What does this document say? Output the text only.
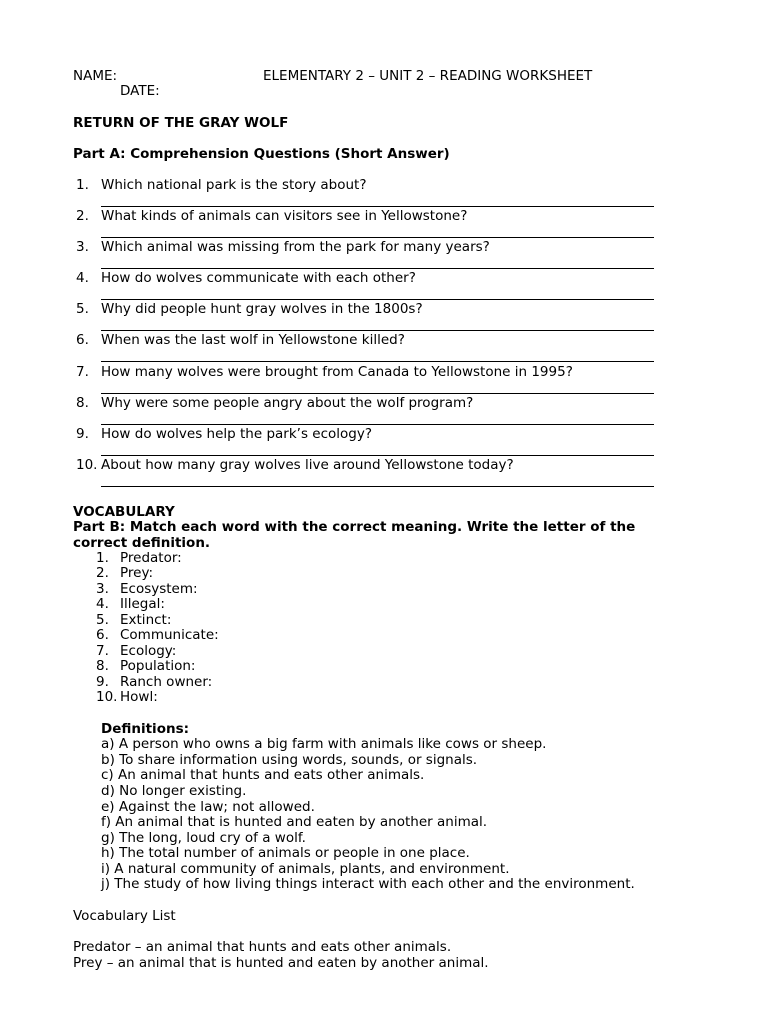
NAME:	ELEMENTARY 2 – UNIT 2 – READING WORKSHEET
DATE:
RETURN OF THE GRAY WOLF
Part A: Comprehension Questions (Short Answer)
1. Which national park is the story about?
2. What kinds of animals can visitors see in Yellowstone?
3. Which animal was missing from the park for many years?
4. How do wolves communicate with each other?
5. Why did people hunt gray wolves in the 1800s?
6. When was the last wolf in Yellowstone killed?
7. How many wolves were brought from Canada to Yellowstone in 1995?
8. Why were some people angry about the wolf program?
9. How do wolves help the park’s ecology?
10. About how many gray wolves live around Yellowstone today?
VOCABULARY
Part B: Match each word with the correct meaning. Write the letter of the
correct definition.
1. Predator:
2. Prey:
3. Ecosystem:
4. Illegal:
5. Extinct:
6. Communicate:
7. Ecology:
8. Population:
9. Ranch owner:
10. Howl:
Definitions:
a) A person who owns a big farm with animals like cows or sheep.
b) To share information using words, sounds, or signals.
c) An animal that hunts and eats other animals.
d) No longer existing.
e) Against the law; not allowed.
f) An animal that is hunted and eaten by another animal.
g) The long, loud cry of a wolf.
h) The total number of animals or people in one place.
i) A natural community of animals, plants, and environment.
j) The study of how living things interact with each other and the environment.
Vocabulary List
Predator – an animal that hunts and eats other animals.
Prey – an animal that is hunted and eaten by another animal.
